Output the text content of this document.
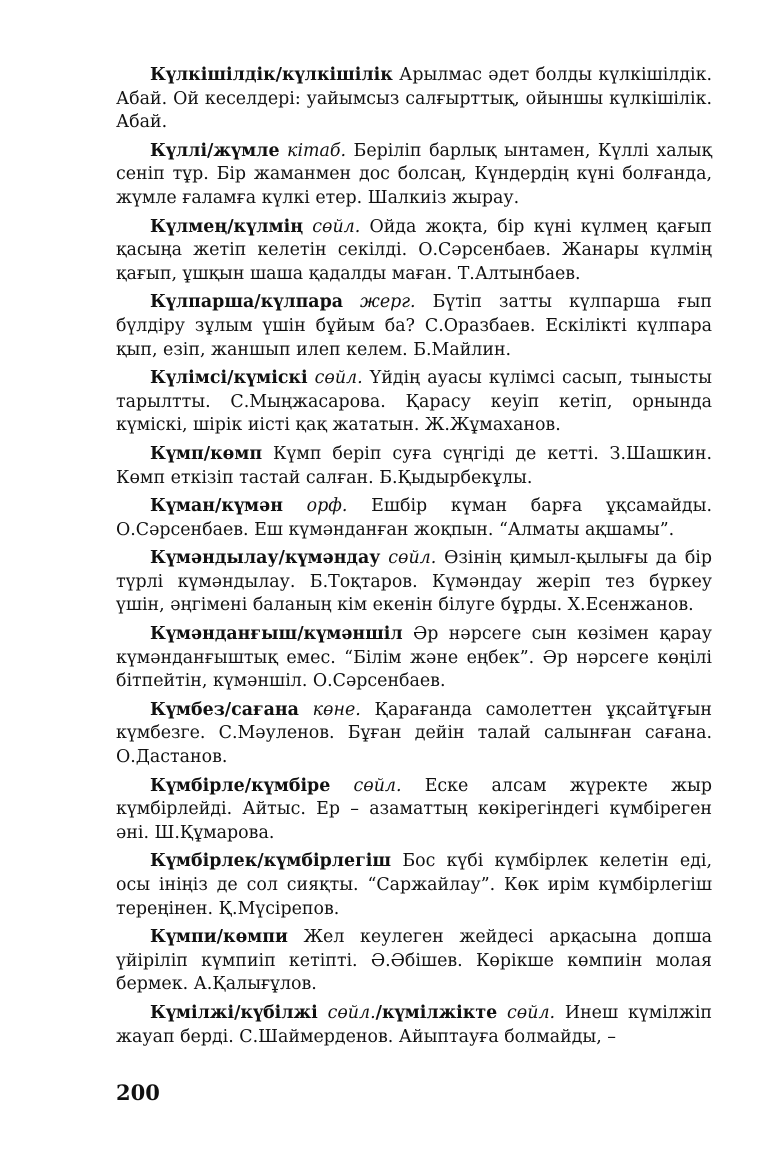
Күлкішілдік/күлкішілік Арылмас әдет болды күлкішілдік. Абай. Ой кеселдері: уайымсыз салғырттық, ойыншы күлкішілік. Абай.

Күллі/жүмле кітаб. Беріліп барлық ынтамен, Күллі халық сеніп тұр. Бір жаманмен дос болсаң, Күндердің күні болғанда, жүмле ғаламға күлкі етер. Шалкиіз жырау.

Күлмең/күлмің сөйл. Ойда жоқта, бір күні күлмең қағып қасыңа жетіп келетін секілді. О.Сәрсенбаев. Жанары күлмің қағып, ұшқын шаша қадалды маған. Т.Алтынбаев.

Күлпарша/күлпара жерг. Бүтіп затты күлпарша ғып бүлдіру зұлым үшін бұйым ба? С.Оразбаев. Ескілікті күлпара қып, езіп, жаншып илеп келем. Б.Майлин.

Күлімсі/күміскі сөйл. Үйдің ауасы күлімсі сасып, тынысты тарылтты. С.Мыңжасарова. Қарасу кеуіп кетіп, орнында күміскі, шірік иісті қақ жататын. Ж.Жұмаханов.

Күмп/көмп Күмп беріп суға сүңгіді де кетті. З.Шашкин. Көмп еткізіп тастай салған. Б.Қыдырбекұлы.

Күман/күмән орф. Ешбір күман барға ұқсамайды. О.Сәрсенбаев. Еш күмәнданған жоқпын. “Алматы ақшамы”.

Күмәндылау/күмәндау сөйл. Өзінің қимыл-қылығы да бір түрлі күмәндылау. Б.Тоқтаров. Күмәндау жеріп тез бүркеу үшін, әңгімені баланың кім екенін білуге бұрды. Х.Есенжанов.

Күмәнданғыш/күмәншіл Әр нәрсеге сын көзімен қарау күмәнданғыштық емес. “Білім және еңбек”. Әр нәрсеге көңілі бітпейтін, күмәншіл. О.Сәрсенбаев.

Күмбез/сағана көне. Қарағанда самолеттен ұқсайтұғын күмбезге. С.Мәуленов. Бұған дейін талай салынған сағана. О.Дастанов.

Күмбірле/күмбіре сөйл. Еске алсам жүректе жыр күмбірлейді. Айтыс. Ер – азаматтың көкірегіндегі күмбіреген әні. Ш.Құмарова.

Күмбірлек/күмбірлегіш Бос күбі күмбірлек келетін еді, осы ініңіз де сол сияқты. “Саржайлау”. Көк ирім күмбірлегіш тереңінен. Қ.Мүсірепов.

Күмпи/көмпи Жел кеулеген жейдесі арқасына допша үйіріліп күмпиіп кетіпті. Ә.Әбішев. Көрікше көмпиін молая бермек. А.Қалығұлов.

Күмілжі/күбілжі сөйл./күмілжікте сөйл. Инеш күмілжіп жауап берді. С.Шаймерденов. Айыптауға болмайды, –

200
